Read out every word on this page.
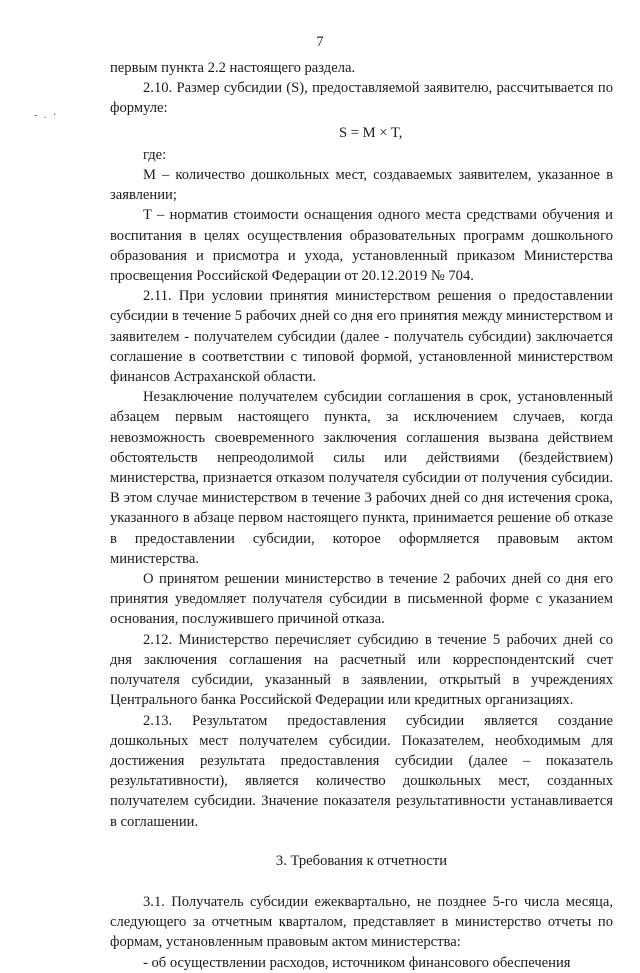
- . ·
7

первым пункта 2.2 настоящего раздела.

2.10. Размер субсидии (S), предоставляемой заявителю, рассчитывается по формуле:

S = M × T,

где:

M – количество дошкольных мест, создаваемых заявителем, указанное в заявлении;

T – норматив стоимости оснащения одного места средствами обучения и воспитания в целях осуществления образовательных программ дошкольного образования и присмотра и ухода, установленный приказом Министерства просвещения Российской Федерации от 20.12.2019 № 704.

2.11. При условии принятия министерством решения о предоставлении субсидии в течение 5 рабочих дней со дня его принятия между министерством и заявителем - получателем субсидии (далее - получатель субсидии) заключается соглашение в соответствии с типовой формой, установленной министерством финансов Астраханской области.

Незаключение получателем субсидии соглашения в срок, установленный абзацем первым настоящего пункта, за исключением случаев, когда невозможность своевременного заключения соглашения вызвана действием обстоятельств непреодолимой силы или действиями (бездействием) министерства, признается отказом получателя субсидии от получения субсидии. В этом случае министерством в течение 3 рабочих дней со дня истечения срока, указанного в абзаце первом настоящего пункта, принимается решение об отказе в предоставлении субсидии, которое оформляется правовым актом министерства.

О принятом решении министерство в течение 2 рабочих дней со дня его принятия уведомляет получателя субсидии в письменной форме с указанием основания, послужившего причиной отказа.

2.12. Министерство перечисляет субсидию в течение 5 рабочих дней со дня заключения соглашения на расчетный или корреспондентский счет получателя субсидии, указанный в заявлении, открытый в учреждениях Центрального банка Российской Федерации или кредитных организациях.

2.13. Результатом предоставления субсидии является создание дошкольных мест получателем субсидии. Показателем, необходимым для достижения результата предоставления субсидии (далее – показатель результативности), является количество дошкольных мест, созданных получателем субсидии. Значение показателя результативности устанавливается в соглашении.

3. Требования к отчетности

3.1. Получатель субсидии ежеквартально, не позднее 5-го числа месяца, следующего за отчетным кварталом, представляет в министерство отчеты по формам, установленным правовым актом министерства:

- об осуществлении расходов, источником финансового обеспечения
